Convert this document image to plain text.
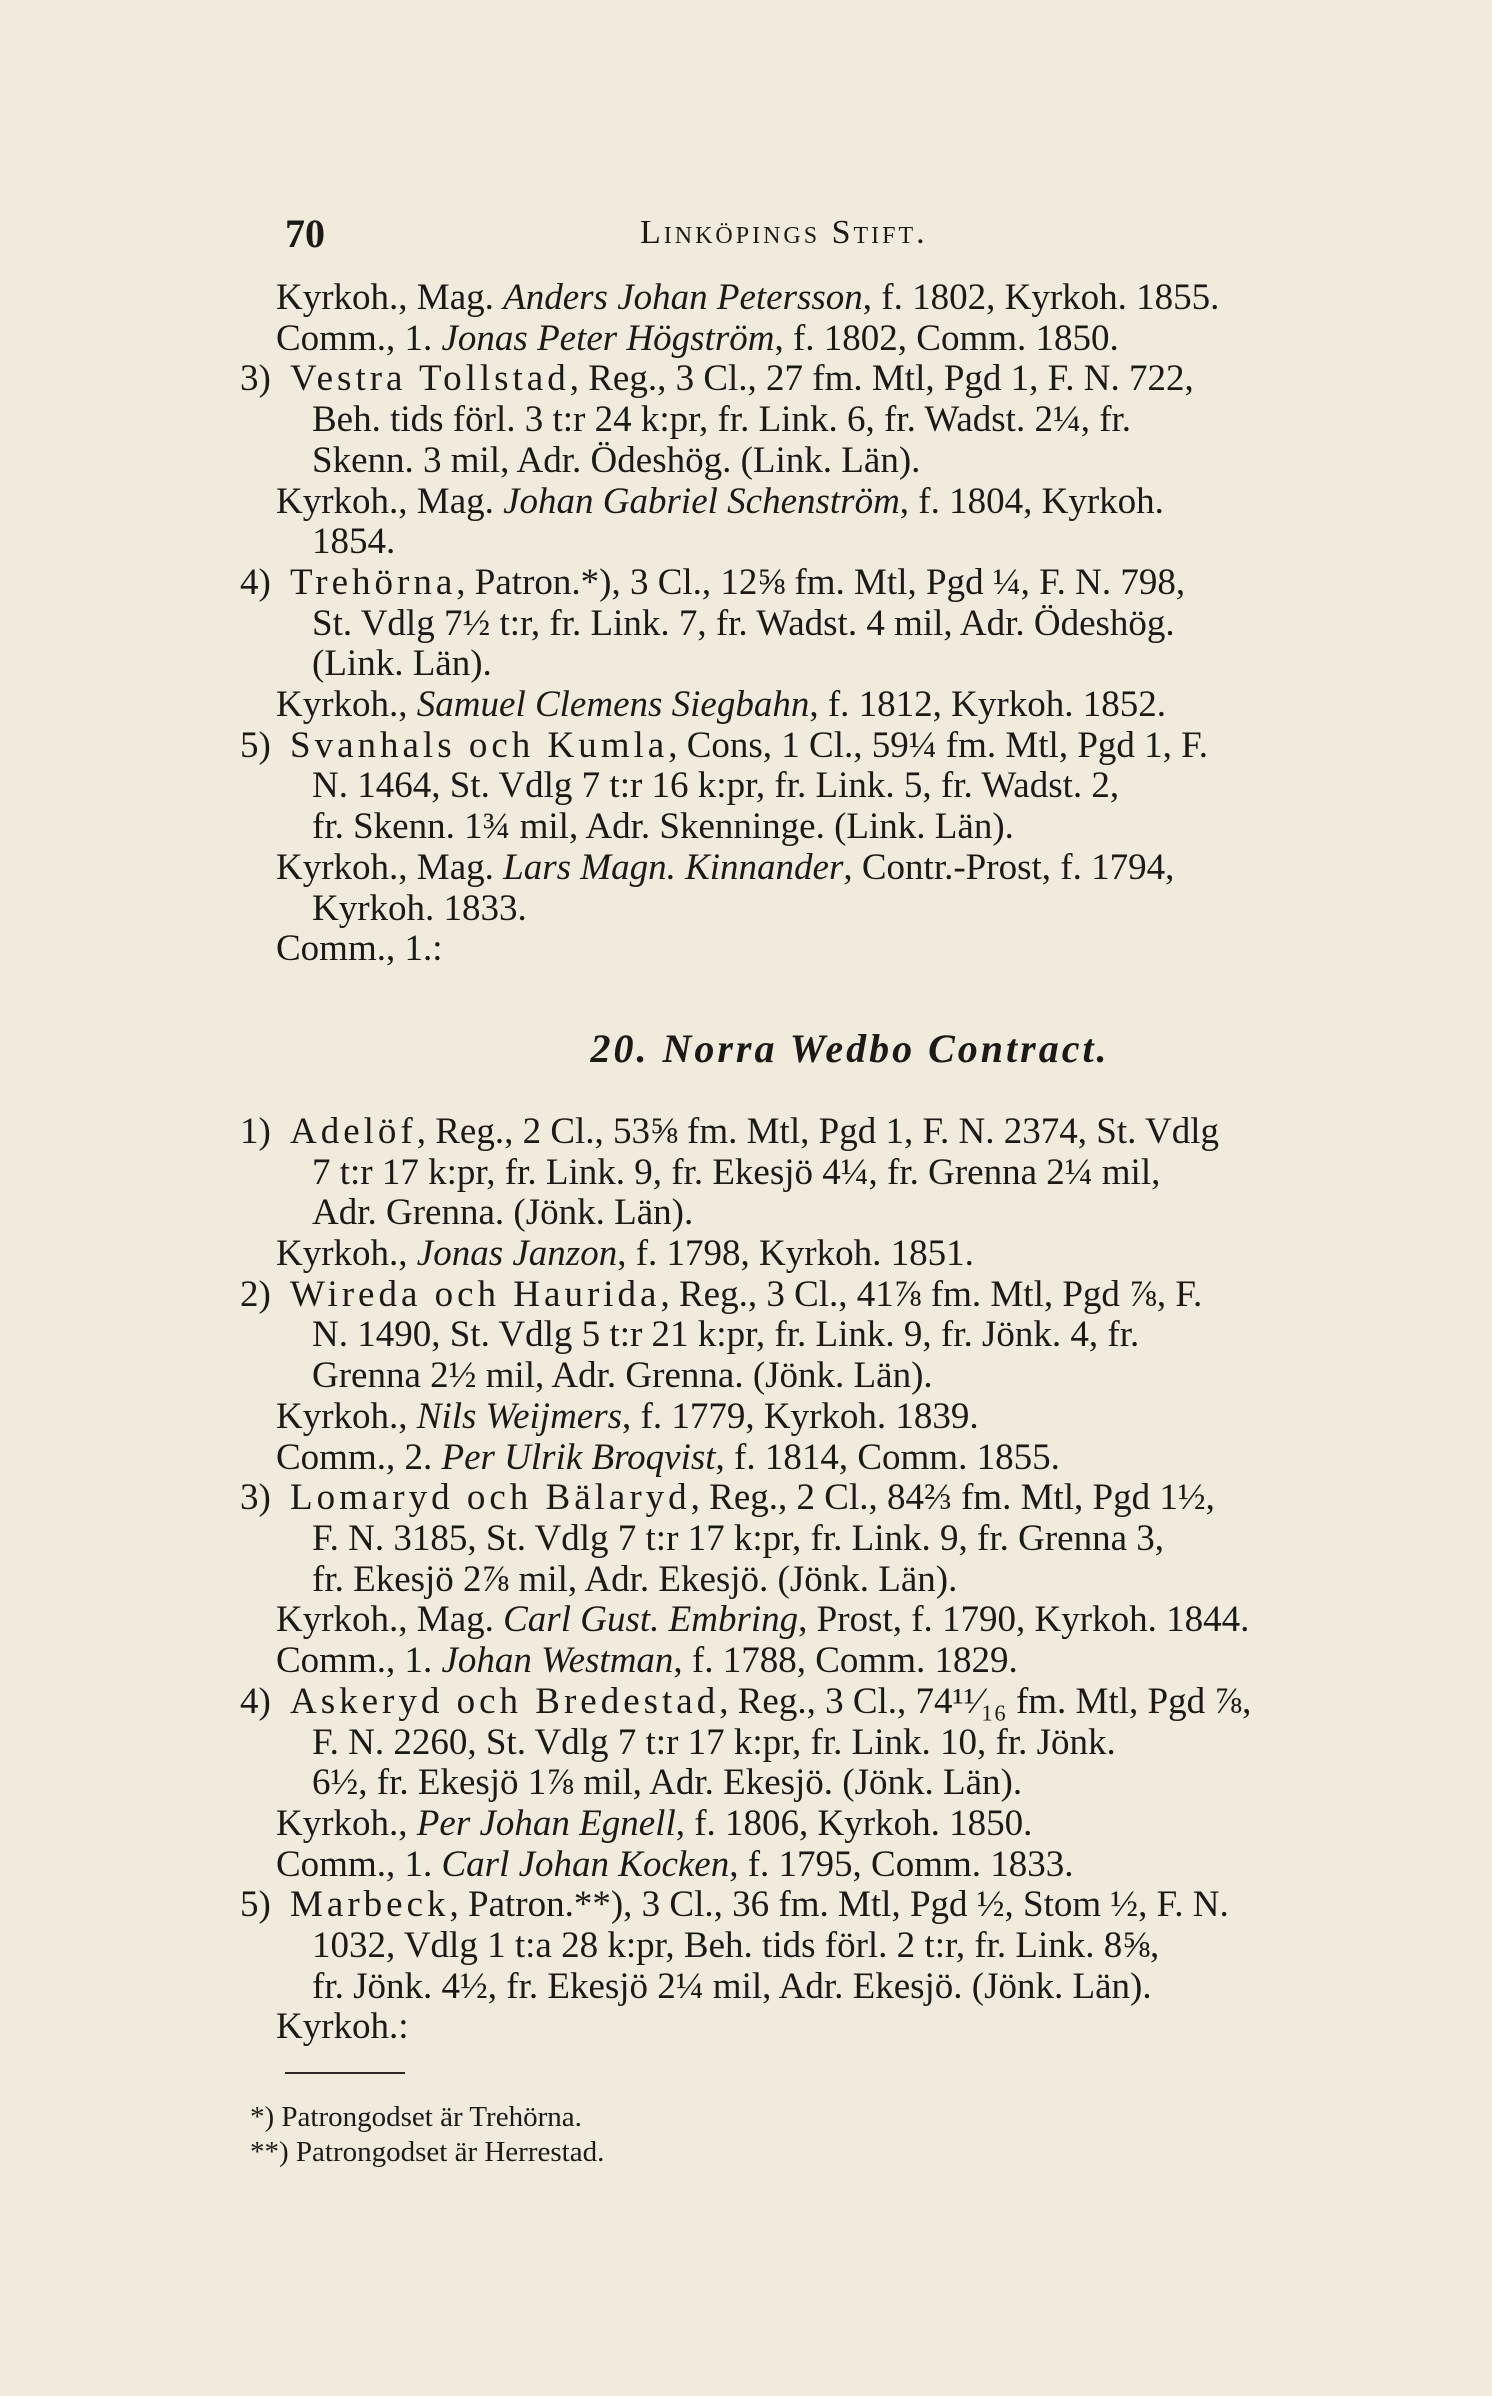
70	Linköpings Stift.
Kyrkoh., Mag. Anders Johan Petersson, f. 1802, Kyrkoh. 1855.
Comm., 1. Jonas Peter Högström, f. 1802, Comm. 1850.
3) Vestra Tollstad, Reg., 3 Cl., 27 fm. Mtl, Pgd 1, F. N. 722,
Beh. tids förl. 3 t:r 24 k:pr, fr. Link. 6, fr. Wadst. 2¼, fr.
Skenn. 3 mil, Adr. Ödeshög. (Link. Län).
Kyrkoh., Mag. Johan Gabriel Schenström, f. 1804, Kyrkoh.
1854.
4) Trehörna, Patron.*), 3 Cl., 12⅝ fm. Mtl, Pgd ¼, F. N. 798,
St. Vdlg 7½ t:r, fr. Link. 7, fr. Wadst. 4 mil, Adr. Ödeshög.
(Link. Län).
Kyrkoh., Samuel Clemens Siegbahn, f. 1812, Kyrkoh. 1852.
5) Svanhals och Kumla, Cons, 1 Cl., 59¼ fm. Mtl, Pgd 1, F.
N. 1464, St. Vdlg 7 t:r 16 k:pr, fr. Link. 5, fr. Wadst. 2,
fr. Skenn. 1¾ mil, Adr. Skenninge. (Link. Län).
Kyrkoh., Mag. Lars Magn. Kinnander, Contr.-Prost, f. 1794,
Kyrkoh. 1833.
Comm., 1.:
20. Norra Wedbo Contract.
1) Adelöf, Reg., 2 Cl., 53⅝ fm. Mtl, Pgd 1, F. N. 2374, St. Vdlg
7 t:r 17 k:pr, fr. Link. 9, fr. Ekesjö 4¼, fr. Grenna 2¼ mil,
Adr. Grenna. (Jönk. Län).
Kyrkoh., Jonas Janzon, f. 1798, Kyrkoh. 1851.
2) Wireda och Haurida, Reg., 3 Cl., 41⅞ fm. Mtl, Pgd ⅞, F.
N. 1490, St. Vdlg 5 t:r 21 k:pr, fr. Link. 9, fr. Jönk. 4, fr.
Grenna 2½ mil, Adr. Grenna. (Jönk. Län).
Kyrkoh., Nils Weijmers, f. 1779, Kyrkoh. 1839.
Comm., 2. Per Ulrik Broqvist, f. 1814, Comm. 1855.
3) Lomaryd och Bälaryd, Reg., 2 Cl., 84⅔ fm. Mtl, Pgd 1½,
F. N. 3185, St. Vdlg 7 t:r 17 k:pr, fr. Link. 9, fr. Grenna 3,
fr. Ekesjö 2⅞ mil, Adr. Ekesjö. (Jönk. Län).
Kyrkoh., Mag. Carl Gust. Embring, Prost, f. 1790, Kyrkoh. 1844.
Comm., 1. Johan Westman, f. 1788, Comm. 1829.
4) Askeryd och Bredestad, Reg., 3 Cl., 74¹¹⁄₁₆ fm. Mtl, Pgd ⅞,
F. N. 2260, St. Vdlg 7 t:r 17 k:pr, fr. Link. 10, fr. Jönk.
6½, fr. Ekesjö 1⅞ mil, Adr. Ekesjö. (Jönk. Län).
Kyrkoh., Per Johan Egnell, f. 1806, Kyrkoh. 1850.
Comm., 1. Carl Johan Kocken, f. 1795, Comm. 1833.
5) Marbeck, Patron.**), 3 Cl., 36 fm. Mtl, Pgd ½, Stom ½, F. N.
1032, Vdlg 1 t:a 28 k:pr, Beh. tids förl. 2 t:r, fr. Link. 8⅝,
fr. Jönk. 4½, fr. Ekesjö 2¼ mil, Adr. Ekesjö. (Jönk. Län).
Kyrkoh.:
*) Patrongodset är Trehörna.
**) Patrongodset är Herrestad.
